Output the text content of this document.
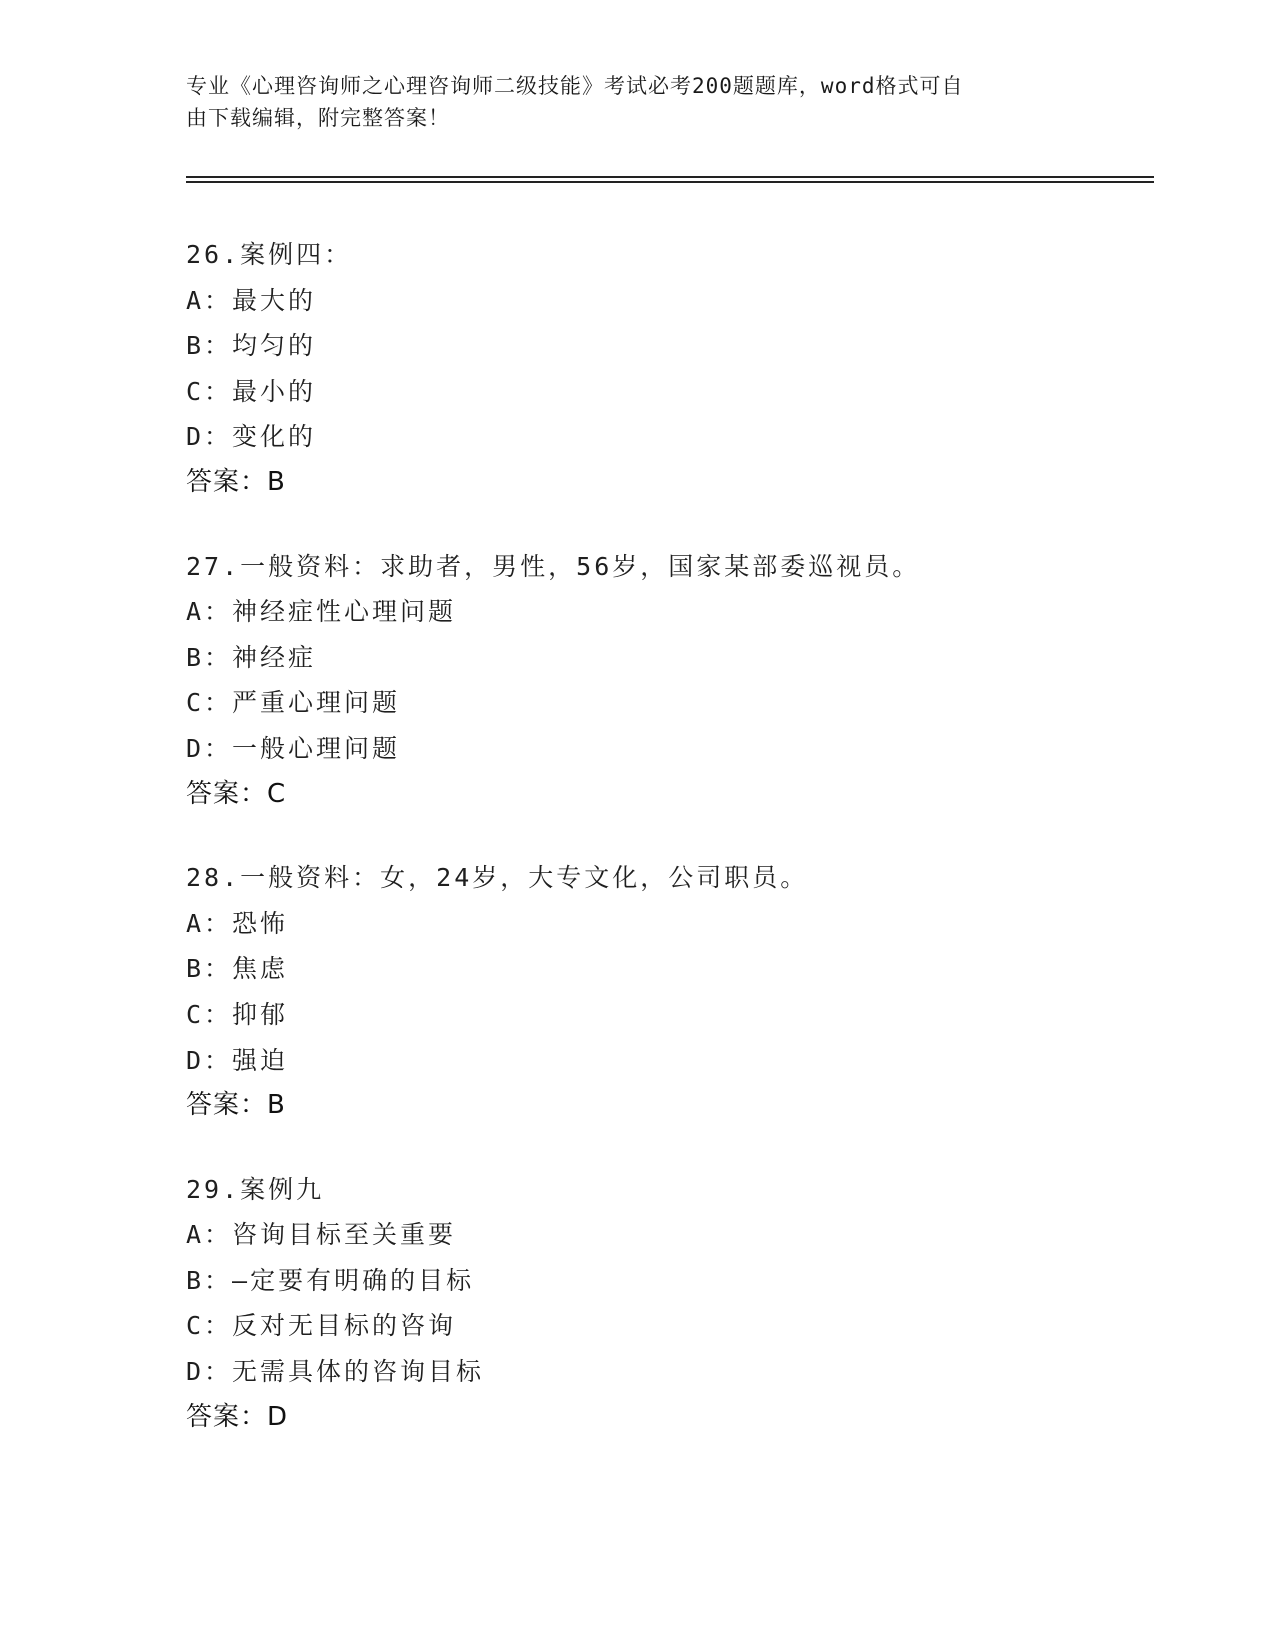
专业《心理咨询师之心理咨询师二级技能》考试必考200题题库，word格式可自
由下载编辑，附完整答案！
26.案例四：
A：最大的
B：均匀的
C：最小的
D：变化的
答案：B
27.一般资料：求助者，男性，56岁，国家某部委巡视员。
A：神经症性心理问题
B：神经症
C：严重心理问题
D：一般心理问题
答案：C
28.一般资料：女，24岁，大专文化，公司职员。
A：恐怖
B：焦虑
C：抑郁
D：强迫
答案：B
29.案例九
A：咨询目标至关重要
B：—定要有明确的目标
C：反对无目标的咨询
D：无需具体的咨询目标
答案：D
